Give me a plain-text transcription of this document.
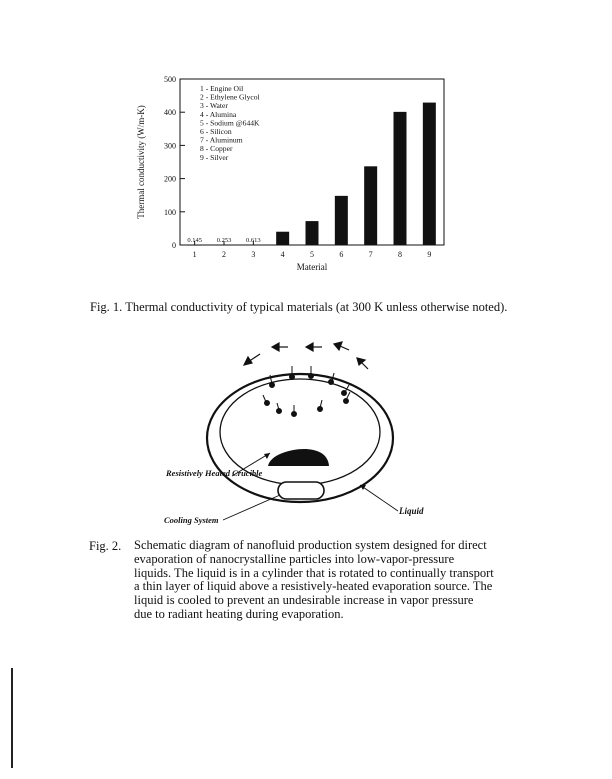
0
100
200
300
400
500
1	2	3	4	5	6	7	8	9
0.145 0.253 0.613
1 - Engine Oil
2 - Ethylene Glycol
3 - Water
4 - Alumina
5 - Sodium @644K
6 - Silicon
7 - Aluminum
8 - Copper
9 - Silver
Material
Thermal conductivity (W/m-K)
Fig. 1. Thermal conductivity of typical materials (at 300 K unless otherwise noted).
Resistively Heated Crucible
Liquid
Cooling System
Fig. 2. Schematic diagram of nanofluid production system designed for direct evaporation of nanocrystalline particles into low-vapor-pressure liquids. The liquid is in a cylinder that is rotated to continually transport a thin layer of liquid above a resistively-heated evaporation source. The liquid is cooled to prevent an undesirable increase in vapor pressure due to radiant heating during evaporation.
